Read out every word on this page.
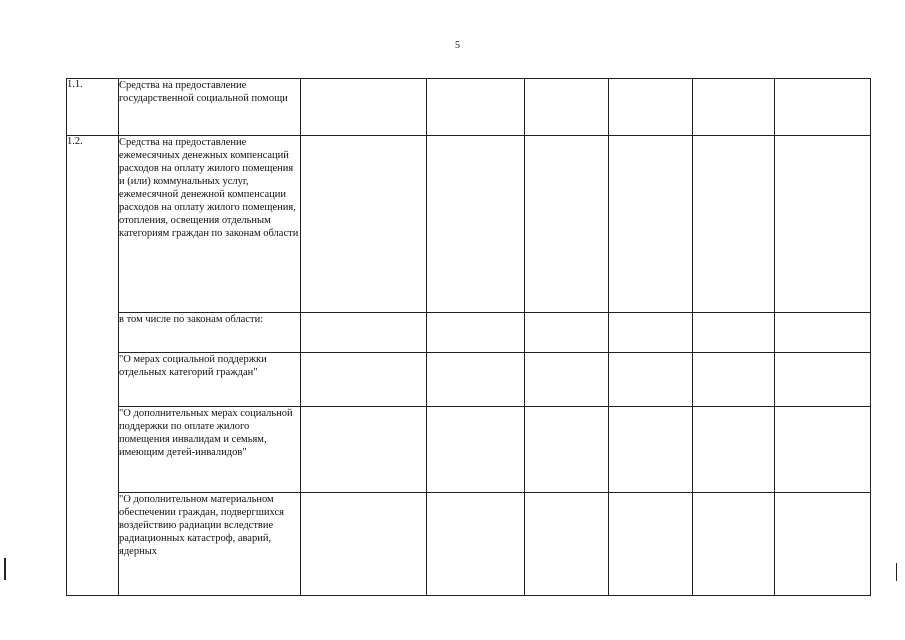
5
1.1.	Средства на предоставление государственной социальной помощи						
1.2.	Средства на предоставление ежемесячных денежных компенсаций расходов на оплату жилого помещения и (или) коммунальных услуг, ежемесячной денежной компенсации расходов на оплату жилого помещения, отопления, освещения отдельным категориям граждан по законам области						
	в том числе по законам области:						
	"О мерах социальной поддержки отдельных категорий граждан"						
	"О дополнительных мерах социальной поддержки по оплате жилого помещения инвалидам и семьям, имеющим детей-инвалидов"						
	"О дополнительном материальном обеспечении граждан, подвергшихся воздействию радиации вследствие радиационных катастроф, аварий, ядерных						
